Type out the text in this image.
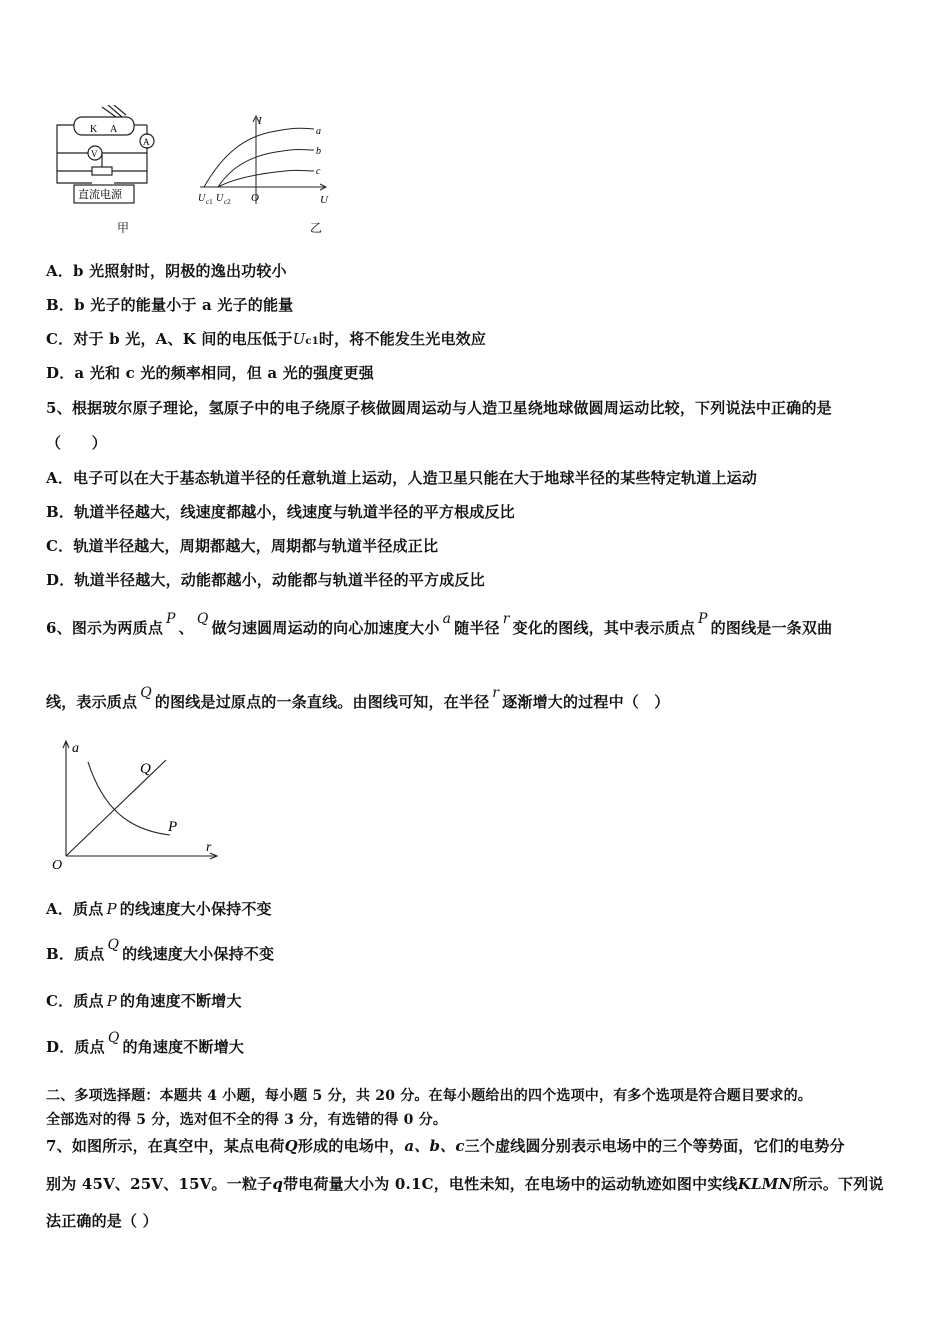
K A
V
A
直流电源
甲
I
U
O
U c1 U c2
a
b
c
乙
A．b 光照射时，阴极的逸出功较小
B．b 光子的能量小于 a 光子的能量
C．对于 b 光，A、K 间的电压低于Uc1时，将不能发生光电效应
D．a 光和 c 光的频率相同，但 a 光的强度更强
5、根据玻尔原子理论，氢原子中的电子绕原子核做圆周运动与人造卫星绕地球做圆周运动比较，下列说法中正确的是
（　　）
A．电子可以在大于基态轨道半径的任意轨道上运动，人造卫星只能在大于地球半径的某些特定轨道上运动
B．轨道半径越大，线速度都越小，线速度与轨道半径的平方根成反比
C．轨道半径越大，周期都越大，周期都与轨道半径成正比
D．轨道半径越大，动能都越小，动能都与轨道半径的平方成反比
6、图示为两质点 P 、 Q 做匀速圆周运动的向心加速度大小 a 随半径 r 变化的图线，其中表示质点 P 的图线是一条双曲
线，表示质点 Q 的图线是过原点的一条直线。由图线可知，在半径 r 逐渐增大的过程中（　）
a
r
O
Q
P
A．质点 P 的线速度大小保持不变
B．质点 Q 的线速度大小保持不变
C．质点 P 的角速度不断增大
D．质点 Q 的角速度不断增大
二、多项选择题：本题共 4 小题，每小题 5 分，共 20 分。在每小题给出的四个选项中，有多个选项是符合题目要求的。
全部选对的得 5 分，选对但不全的得 3 分，有选错的得 0 分。
7、如图所示，在真空中，某点电荷Q形成的电场中，a、b、c三个虚线圆分别表示电场中的三个等势面，它们的电势分
别为 45V、25V、15V。一粒子q带电荷量大小为 0.1C，电性未知，在电场中的运动轨迹如图中实线KLMN所示。下列说
法正确的是（ ）
